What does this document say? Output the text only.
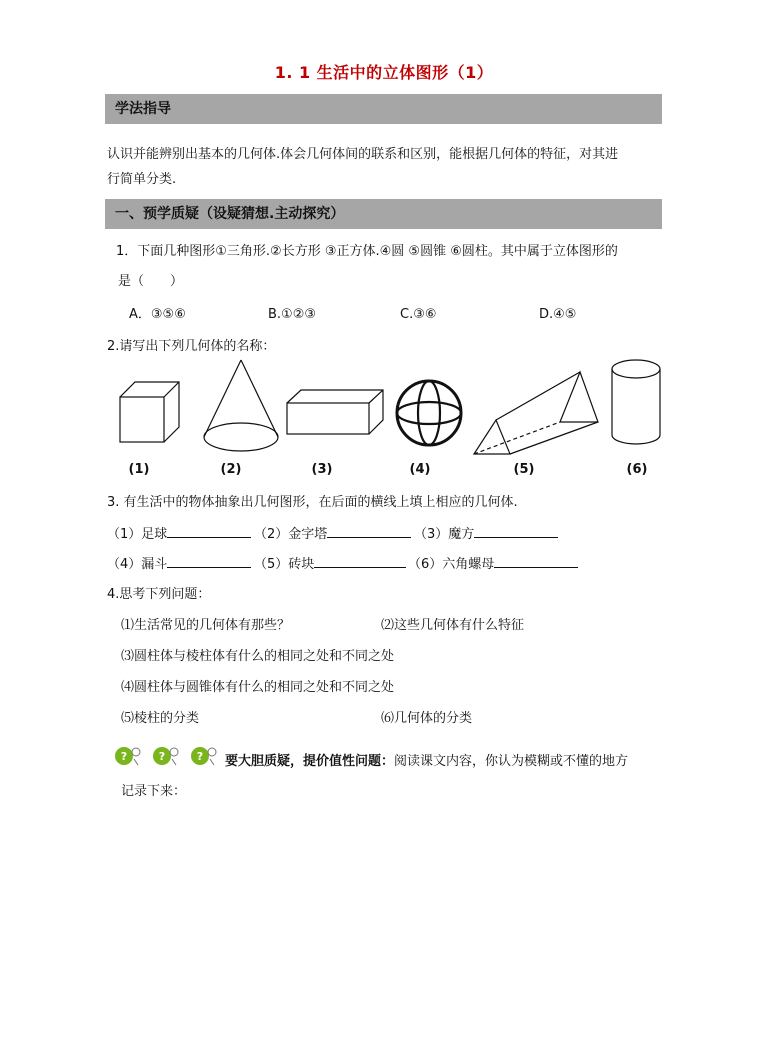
1. 1 生活中的立体图形（1）
学法指导
认识并能辨别出基本的几何体.体会几何体间的联系和区别，能根据几何体的特征，对其进
行简单分类.
一、预学质疑（设疑猜想.主动探究）
1．下面几种图形①三角形.②长方形 ③正方体.④圆 ⑤圆锥 ⑥圆柱。其中属于立体图形的
是（　　）
A．③⑤⑥	B.①②③	C.③⑥	D.④⑤
2.请写出下列几何体的名称：
(1)	(2)	(3)	(4)	(5)	(6)
3. 有生活中的物体抽象出几何图形，在后面的横线上填上相应的几何体.
（1）足球	（2）金字塔	（3）魔方
（4）漏斗	（5）砖块	（6）六角螺母
4.思考下列问题：
⑴生活常见的几何体有那些？	⑵这些几何体有什么特征
⑶圆柱体与棱柱体有什么的相同之处和不同之处
⑷圆柱体与圆锥体有什么的相同之处和不同之处
⑸棱柱的分类	⑹几何体的分类
?	?	? 要大胆质疑，提价值性问题：阅读课文内容，你认为模糊或不懂的地方
记录下来：
